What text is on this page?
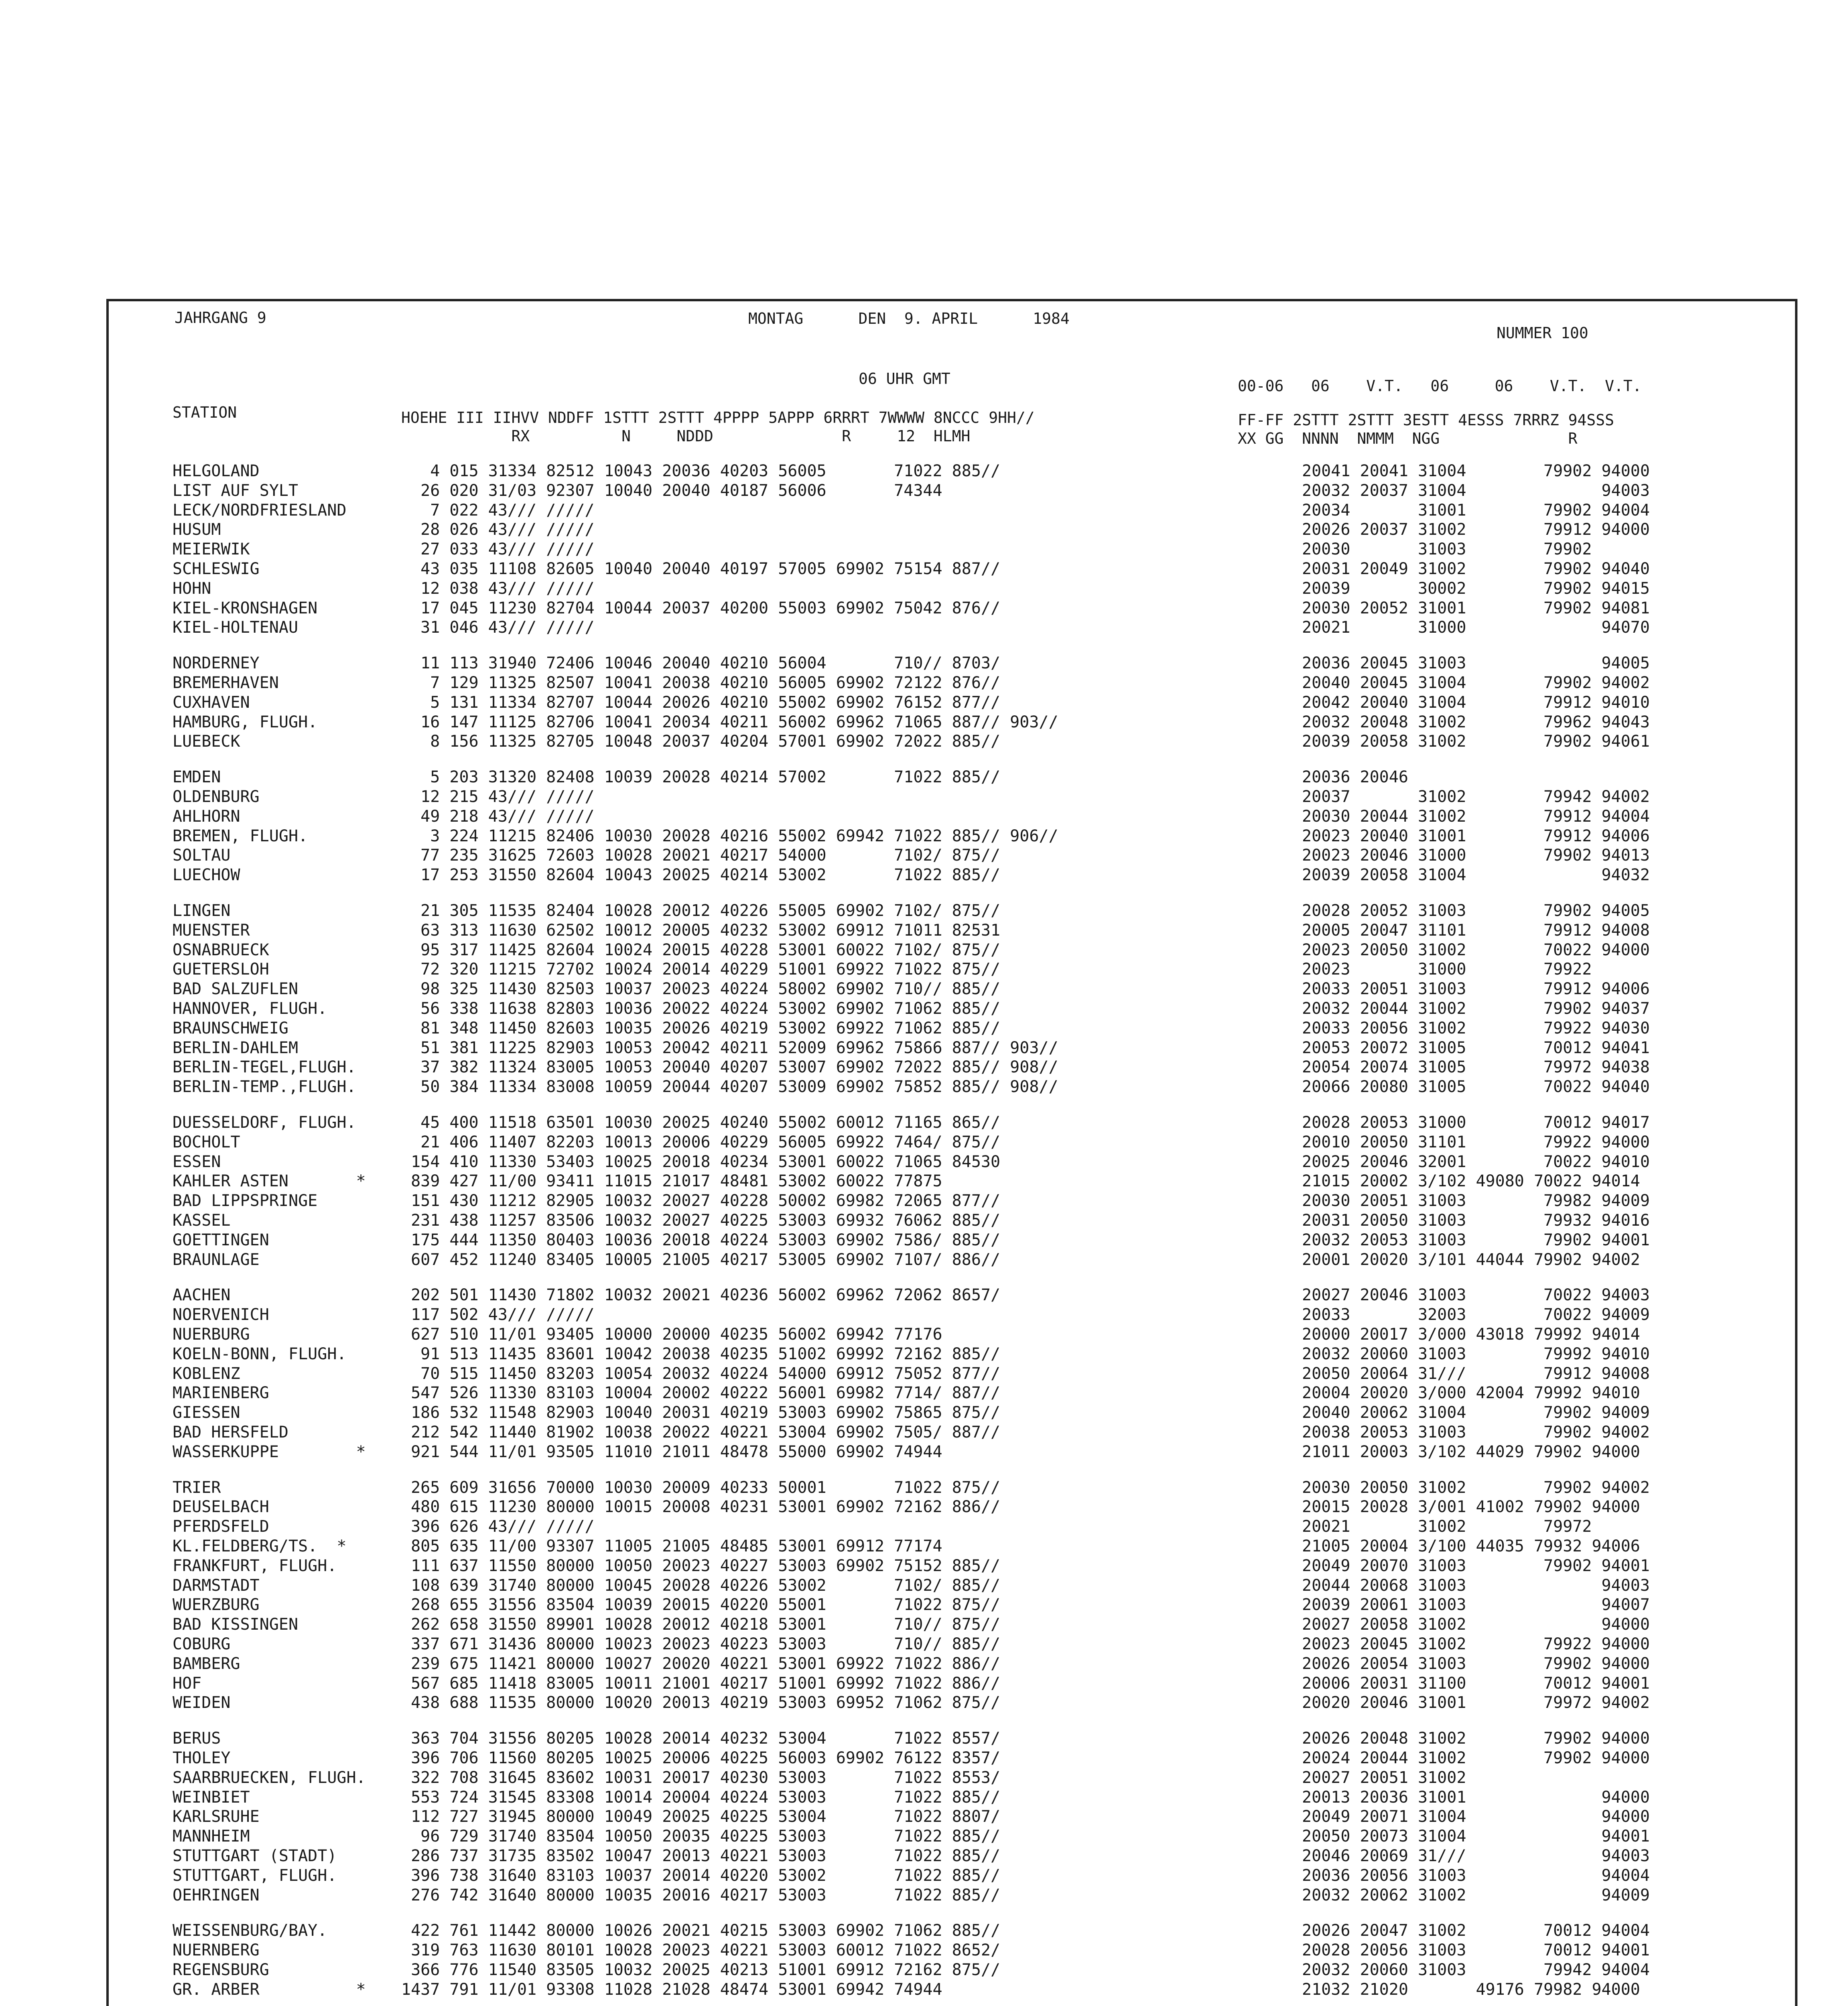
JAHRGANG 9	MONTAG      DEN  9. APRIL      1984
NUMMER 100
06 UHR GMT	00-06   06    V.T.   06     06    V.T.  V.T.
STATION	HOEHE III IIHVV NDDFF 1STTT 2STTT 4PPPP 5APPP 6RRRT 7WWWW 8NCCC 9HH//
RX          N     NDDD              R     12  HLMH
FF-FF 2STTT 2STTT 3ESTT 4ESSS 7RRRZ 94SSS
XX GG  NNNN  NMMM  NGG              R
HELGOLAND	4 015 31334 82512 10043 20036 40203 56005       71022 885//	20041 20041 31004        79902 94000
LIST AUF SYLT	26 020 31/03 92307 10040 20040 40187 56006       74344	20032 20037 31004              94003
LECK/NORDFRIESLAND	7 022 43/// /////	20034       31001        79902 94004
HUSUM	28 026 43/// /////	20026 20037 31002        79912 94000
MEIERWIK	27 033 43/// /////	20030       31003        79902
SCHLESWIG	43 035 11108 82605 10040 20040 40197 57005 69902 75154 887//	20031 20049 31002        79902 94040
HOHN	12 038 43/// /////	20039       30002        79902 94015
KIEL-KRONSHAGEN	17 045 11230 82704 10044 20037 40200 55003 69902 75042 876//	20030 20052 31001        79902 94081
KIEL-HOLTENAU	31 046 43/// /////	20021       31000              94070
NORDERNEY	11 113 31940 72406 10046 20040 40210 56004       710// 8703/	20036 20045 31003              94005
BREMERHAVEN	7 129 11325 82507 10041 20038 40210 56005 69902 72122 876//	20040 20045 31004        79902 94002
CUXHAVEN	5 131 11334 82707 10044 20026 40210 55002 69902 76152 877//	20042 20040 31004        79912 94010
HAMBURG, FLUGH.	16 147 11125 82706 10041 20034 40211 56002 69962 71065 887// 903//	20032 20048 31002        79962 94043
LUEBECK	8 156 11325 82705 10048 20037 40204 57001 69902 72022 885//	20039 20058 31002        79902 94061
EMDEN	5 203 31320 82408 10039 20028 40214 57002       71022 885//	20036 20046
OLDENBURG	12 215 43/// /////	20037       31002        79942 94002
AHLHORN	49 218 43/// /////	20030 20044 31002        79912 94004
BREMEN, FLUGH.	3 224 11215 82406 10030 20028 40216 55002 69942 71022 885// 906//	20023 20040 31001        79912 94006
SOLTAU	77 235 31625 72603 10028 20021 40217 54000       7102/ 875//	20023 20046 31000        79902 94013
LUECHOW	17 253 31550 82604 10043 20025 40214 53002       71022 885//	20039 20058 31004              94032
LINGEN	21 305 11535 82404 10028 20012 40226 55005 69902 7102/ 875//	20028 20052 31003        79902 94005
MUENSTER	63 313 11630 62502 10012 20005 40232 53002 69912 71011 82531	20005 20047 31101        79912 94008
OSNABRUECK	95 317 11425 82604 10024 20015 40228 53001 60022 7102/ 875//	20023 20050 31002        70022 94000
GUETERSLOH	72 320 11215 72702 10024 20014 40229 51001 69922 71022 875//	20023       31000        79922
BAD SALZUFLEN	98 325 11430 82503 10037 20023 40224 58002 69902 710// 885//	20033 20051 31003        79912 94006
HANNOVER, FLUGH.	56 338 11638 82803 10036 20022 40224 53002 69902 71062 885//	20032 20044 31002        79902 94037
BRAUNSCHWEIG	81 348 11450 82603 10035 20026 40219 53002 69922 71062 885//	20033 20056 31002        79922 94030
BERLIN-DAHLEM	51 381 11225 82903 10053 20042 40211 52009 69962 75866 887// 903//	20053 20072 31005        70012 94041
BERLIN-TEGEL,FLUGH.	37 382 11324 83005 10053 20040 40207 53007 69902 72022 885// 908//	20054 20074 31005        79972 94038
BERLIN-TEMP.,FLUGH.	50 384 11334 83008 10059 20044 40207 53009 69902 75852 885// 908//	20066 20080 31005        70022 94040
DUESSELDORF, FLUGH.	45 400 11518 63501 10030 20025 40240 55002 60012 71165 865//	20028 20053 31000        70012 94017
BOCHOLT	21 406 11407 82203 10013 20006 40229 56005 69922 7464/ 875//	20010 20050 31101        79922 94000
ESSEN	154 410 11330 53403 10025 20018 40234 53001 60022 71065 84530	20025 20046 32001        70022 94010
KAHLER ASTEN       * 839 427 11/00 93411 11015 21017 48481 53002 60022 77875	21015 20002 3/102 49080 70022 94014
BAD LIPPSPRINGE	151 430 11212 82905 10032 20027 40228 50002 69982 72065 877//	20030 20051 31003        79982 94009
KASSEL	231 438 11257 83506 10032 20027 40225 53003 69932 76062 885//	20031 20050 31003        79932 94016
GOETTINGEN	175 444 11350 80403 10036 20018 40224 53003 69902 7586/ 885//	20032 20053 31003        79902 94001
BRAUNLAGE	607 452 11240 83405 10005 21005 40217 53005 69902 7107/ 886//	20001 20020 3/101 44044 79902 94002
AACHEN	202 501 11430 71802 10032 20021 40236 56002 69962 72062 8657/	20027 20046 31003        70022 94003
NOERVENICH	117 502 43/// /////	20033       32003        70022 94009
NUERBURG	627 510 11/01 93405 10000 20000 40235 56002 69942 77176	20000 20017 3/000 43018 79992 94014
KOELN-BONN, FLUGH.	91 513 11435 83601 10042 20038 40235 51002 69992 72162 885//	20032 20060 31003        79992 94010
KOBLENZ	70 515 11450 83203 10054 20032 40224 54000 69912 75052 877//	20050 20064 31///        79912 94008
MARIENBERG	547 526 11330 83103 10004 20002 40222 56001 69982 7714/ 887//	20004 20020 3/000 42004 79992 94010
GIESSEN	186 532 11548 82903 10040 20031 40219 53003 69902 75865 875//	20040 20062 31004        79902 94009
BAD HERSFELD	212 542 11440 81902 10038 20022 40221 53004 69902 7505/ 887//	20038 20053 31003        79902 94002
WASSERKUPPE        * 921 544 11/01 93505 11010 21011 48478 55000 69902 74944	21011 20003 3/102 44029 79902 94000
TRIER	265 609 31656 70000 10030 20009 40233 50001       71022 875//	20030 20050 31002        79902 94002
DEUSELBACH	480 615 11230 80000 10015 20008 40231 53001 69902 72162 886//	20015 20028 3/001 41002 79902 94000
PFERDSFELD	396 626 43/// /////	20021       31002        79972
KL.FELDBERG/TS.  *	805 635 11/00 93307 11005 21005 48485 53001 69912 77174	21005 20004 3/100 44035 79932 94006
FRANKFURT, FLUGH.	111 637 11550 80000 10050 20023 40227 53003 69902 75152 885//	20049 20070 31003        79902 94001
DARMSTADT	108 639 31740 80000 10045 20028 40226 53002       7102/ 885//	20044 20068 31003              94003
WUERZBURG	268 655 31556 83504 10039 20015 40220 55001       71022 875//	20039 20061 31003              94007
BAD KISSINGEN	262 658 31550 89901 10028 20012 40218 53001       710// 875//	20027 20058 31002              94000
COBURG	337 671 31436 80000 10023 20023 40223 53003       710// 885//	20023 20045 31002        79922 94000
BAMBERG	239 675 11421 80000 10027 20020 40221 53001 69922 71022 886//	20026 20054 31003        79902 94000
HOF	567 685 11418 83005 10011 21001 40217 51001 69992 71022 886//	20006 20031 31100        70012 94001
WEIDEN	438 688 11535 80000 10020 20013 40219 53003 69952 71062 875//	20020 20046 31001        79972 94002
BERUS	363 704 31556 80205 10028 20014 40232 53004       71022 8557/	20026 20048 31002        79902 94000
THOLEY	396 706 11560 80205 10025 20006 40225 56003 69902 76122 8357/	20024 20044 31002        79902 94000
SAARBRUECKEN, FLUGH. 322 708 31645 83602 10031 20017 40230 53003       71022 8553/	20027 20051 31002
WEINBIET	553 724 31545 83308 10014 20004 40224 53003       71022 885//	20013 20036 31001              94000
KARLSRUHE	112 727 31945 80000 10049 20025 40225 53004       71022 8807/	20049 20071 31004              94000
MANNHEIM	96 729 31740 83504 10050 20035 40225 53003       71022 885//	20050 20073 31004              94001
STUTTGART (STADT)	286 737 31735 83502 10047 20013 40221 53003       71022 885//	20046 20069 31///              94003
STUTTGART, FLUGH.	396 738 31640 83103 10037 20014 40220 53002       71022 885//	20036 20056 31003              94004
OEHRINGEN	276 742 31640 80000 10035 20016 40217 53003       71022 885//	20032 20062 31002              94009
WEISSENBURG/BAY.	422 761 11442 80000 10026 20021 40215 53003 69902 71062 885//	20026 20047 31002        70012 94004
NUERNBERG	319 763 11630 80101 10028 20023 40221 53003 60012 71022 8652/	20028 20056 31003        70012 94001
REGENSBURG	366 776 11540 83505 10032 20025 40213 51001 69912 72162 875//	20032 20060 31003        79942 94004
GR. ARBER          * 1437 791 11/01 93308 11028 21028 48474 53001 69942 74944	21032 21020       49176 79982 94000
